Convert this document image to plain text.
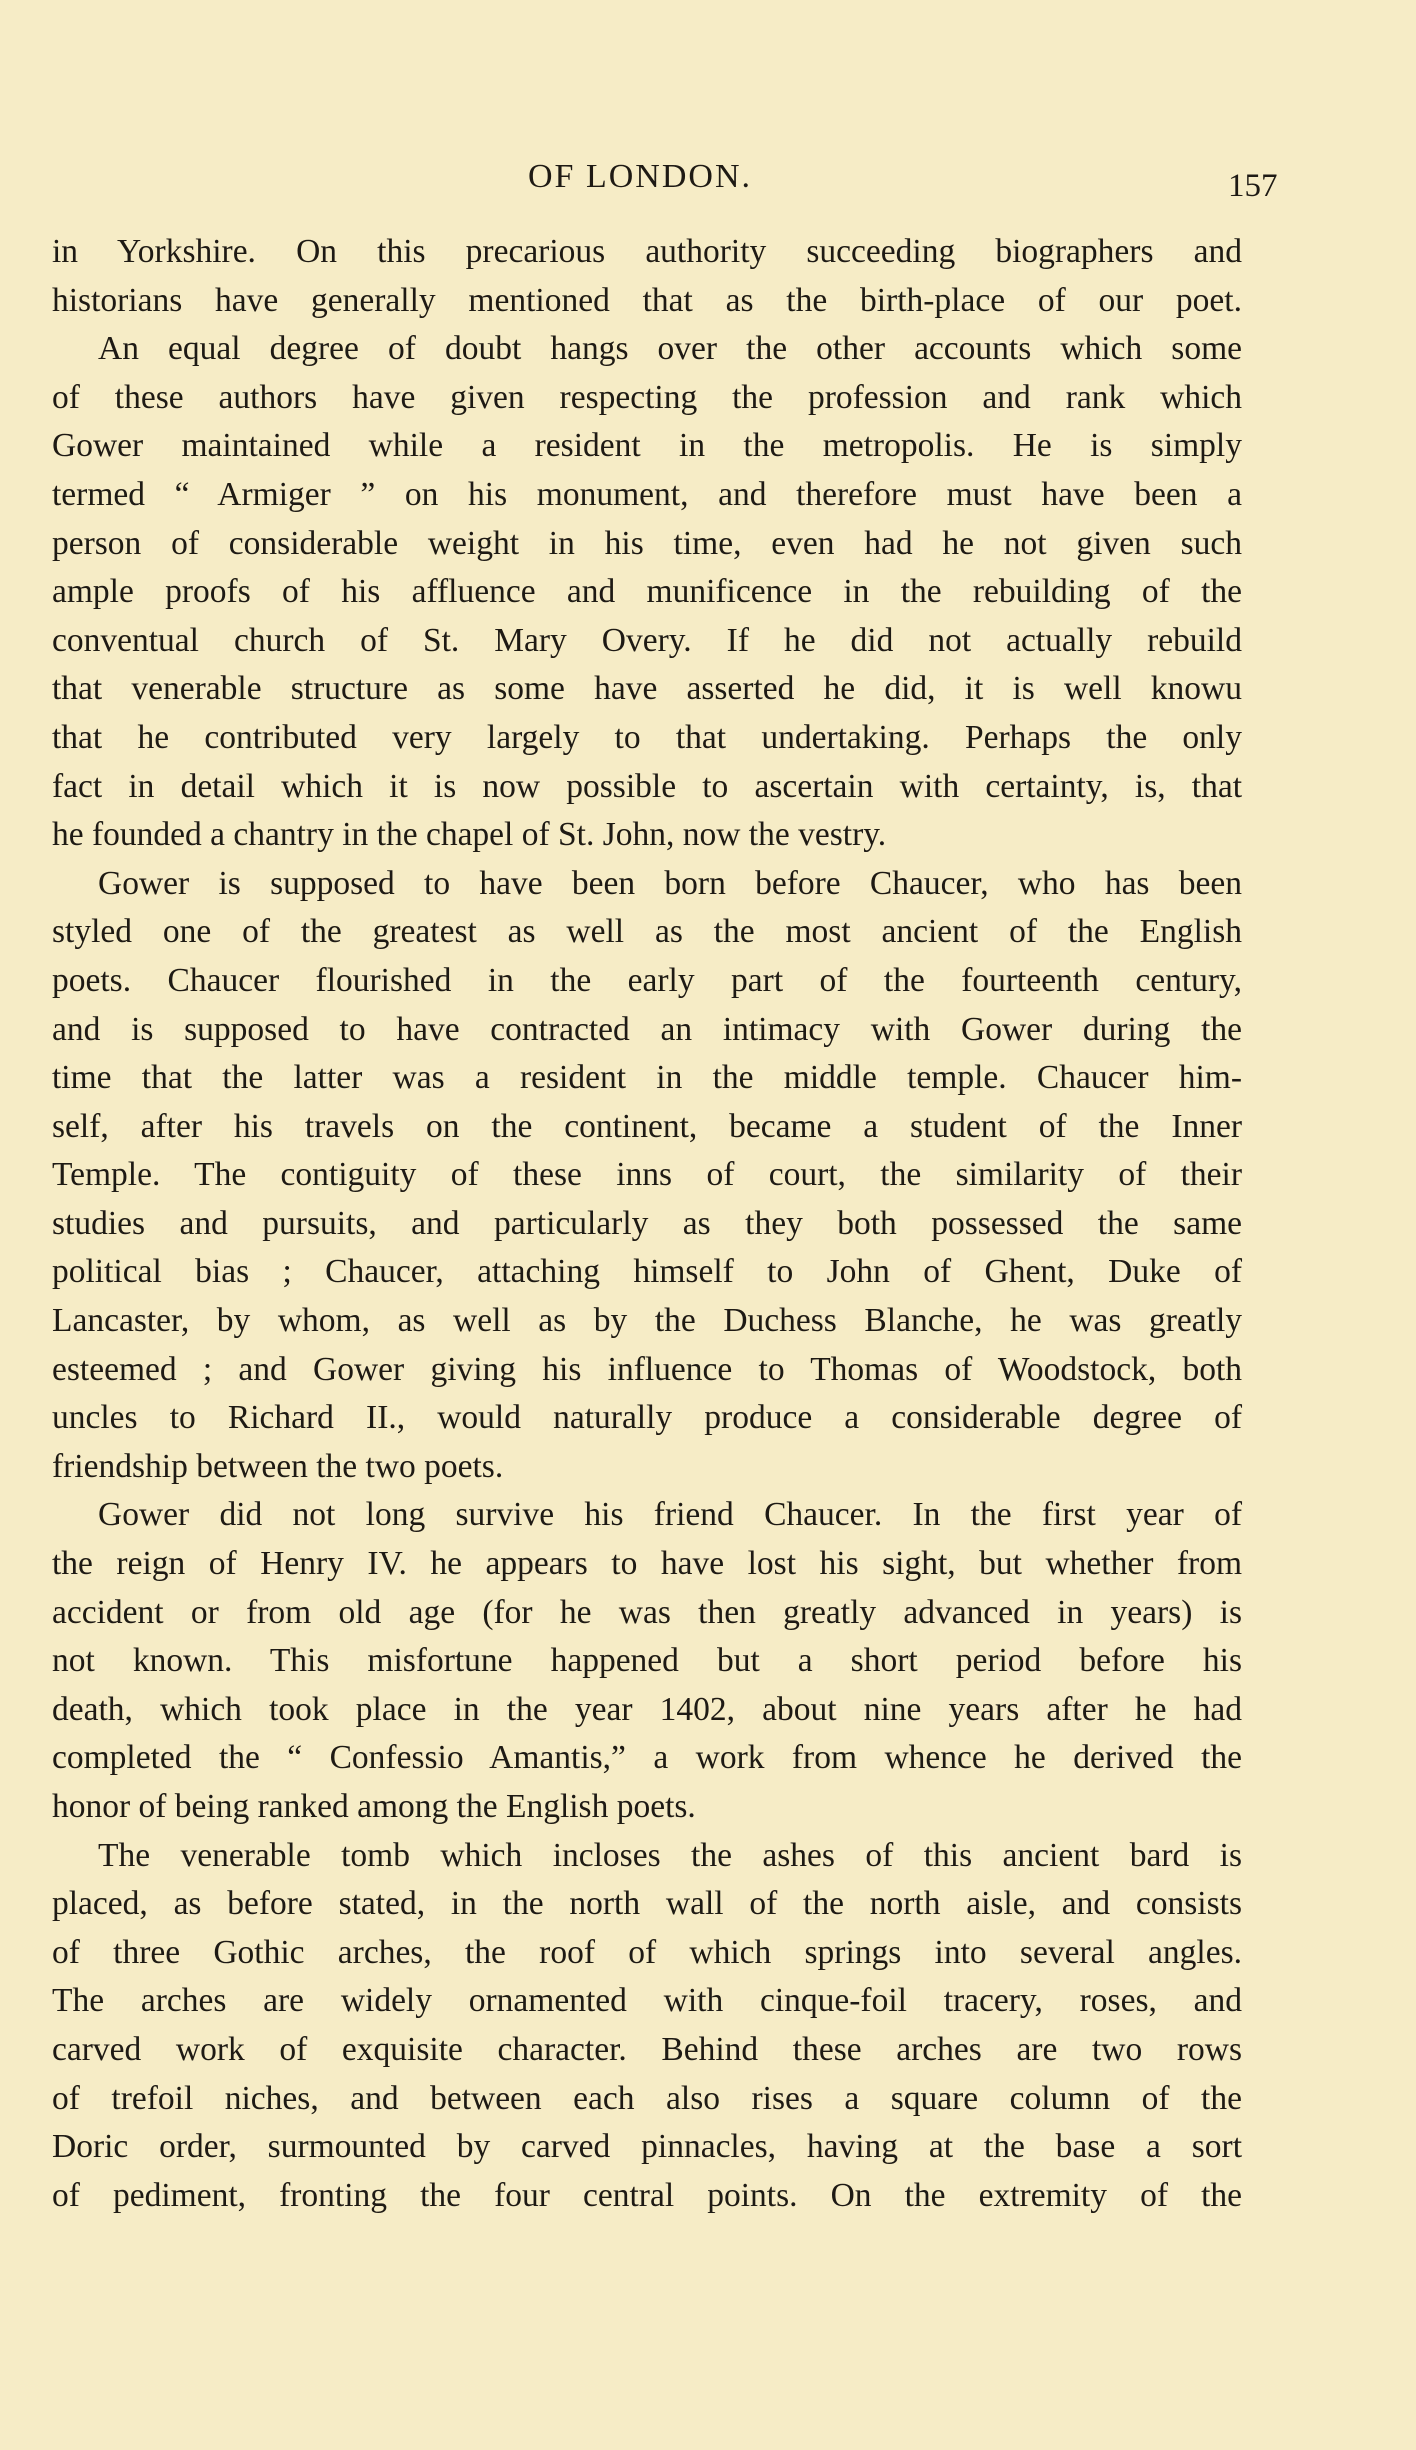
OF LONDON.	157
in Yorkshire. On this precarious authority succeeding biographers and
historians have generally mentioned that as the birth-place of our poet.
An equal degree of doubt hangs over the other accounts which some
of these authors have given respecting the profession and rank which
Gower maintained while a resident in the metropolis. He is simply
termed “ Armiger ” on his monument, and therefore must have been a
person of considerable weight in his time, even had he not given such
ample proofs of his affluence and munificence in the rebuilding of the
conventual church of St. Mary Overy. If he did not actually rebuild
that venerable structure as some have asserted he did, it is well knowu
that he contributed very largely to that undertaking. Perhaps the only
fact in detail which it is now possible to ascertain with certainty, is, that
he founded a chantry in the chapel of St. John, now the vestry.
Gower is supposed to have been born before Chaucer, who has been
styled one of the greatest as well as the most ancient of the English
poets. Chaucer flourished in the early part of the fourteenth century,
and is supposed to have contracted an intimacy with Gower during the
time that the latter was a resident in the middle temple. Chaucer him-
self, after his travels on the continent, became a student of the Inner
Temple. The contiguity of these inns of court, the similarity of their
studies and pursuits, and particularly as they both possessed the same
political bias ; Chaucer, attaching himself to John of Ghent, Duke of
Lancaster, by whom, as well as by the Duchess Blanche, he was greatly
esteemed ; and Gower giving his influence to Thomas of Woodstock, both
uncles to Richard II., would naturally produce a considerable degree of
friendship between the two poets.
Gower did not long survive his friend Chaucer. In the first year of
the reign of Henry IV. he appears to have lost his sight, but whether from
accident or from old age (for he was then greatly advanced in years) is
not known. This misfortune happened but a short period before his
death, which took place in the year 1402, about nine years after he had
completed the “ Confessio Amantis,” a work from whence he derived the
honor of being ranked among the English poets.
The venerable tomb which incloses the ashes of this ancient bard is
placed, as before stated, in the north wall of the north aisle, and consists
of three Gothic arches, the roof of which springs into several angles.
The arches are widely ornamented with cinque-foil tracery, roses, and
carved work of exquisite character. Behind these arches are two rows
of trefoil niches, and between each also rises a square column of the
Doric order, surmounted by carved pinnacles, having at the base a sort
of pediment, fronting the four central points. On the extremity of the
